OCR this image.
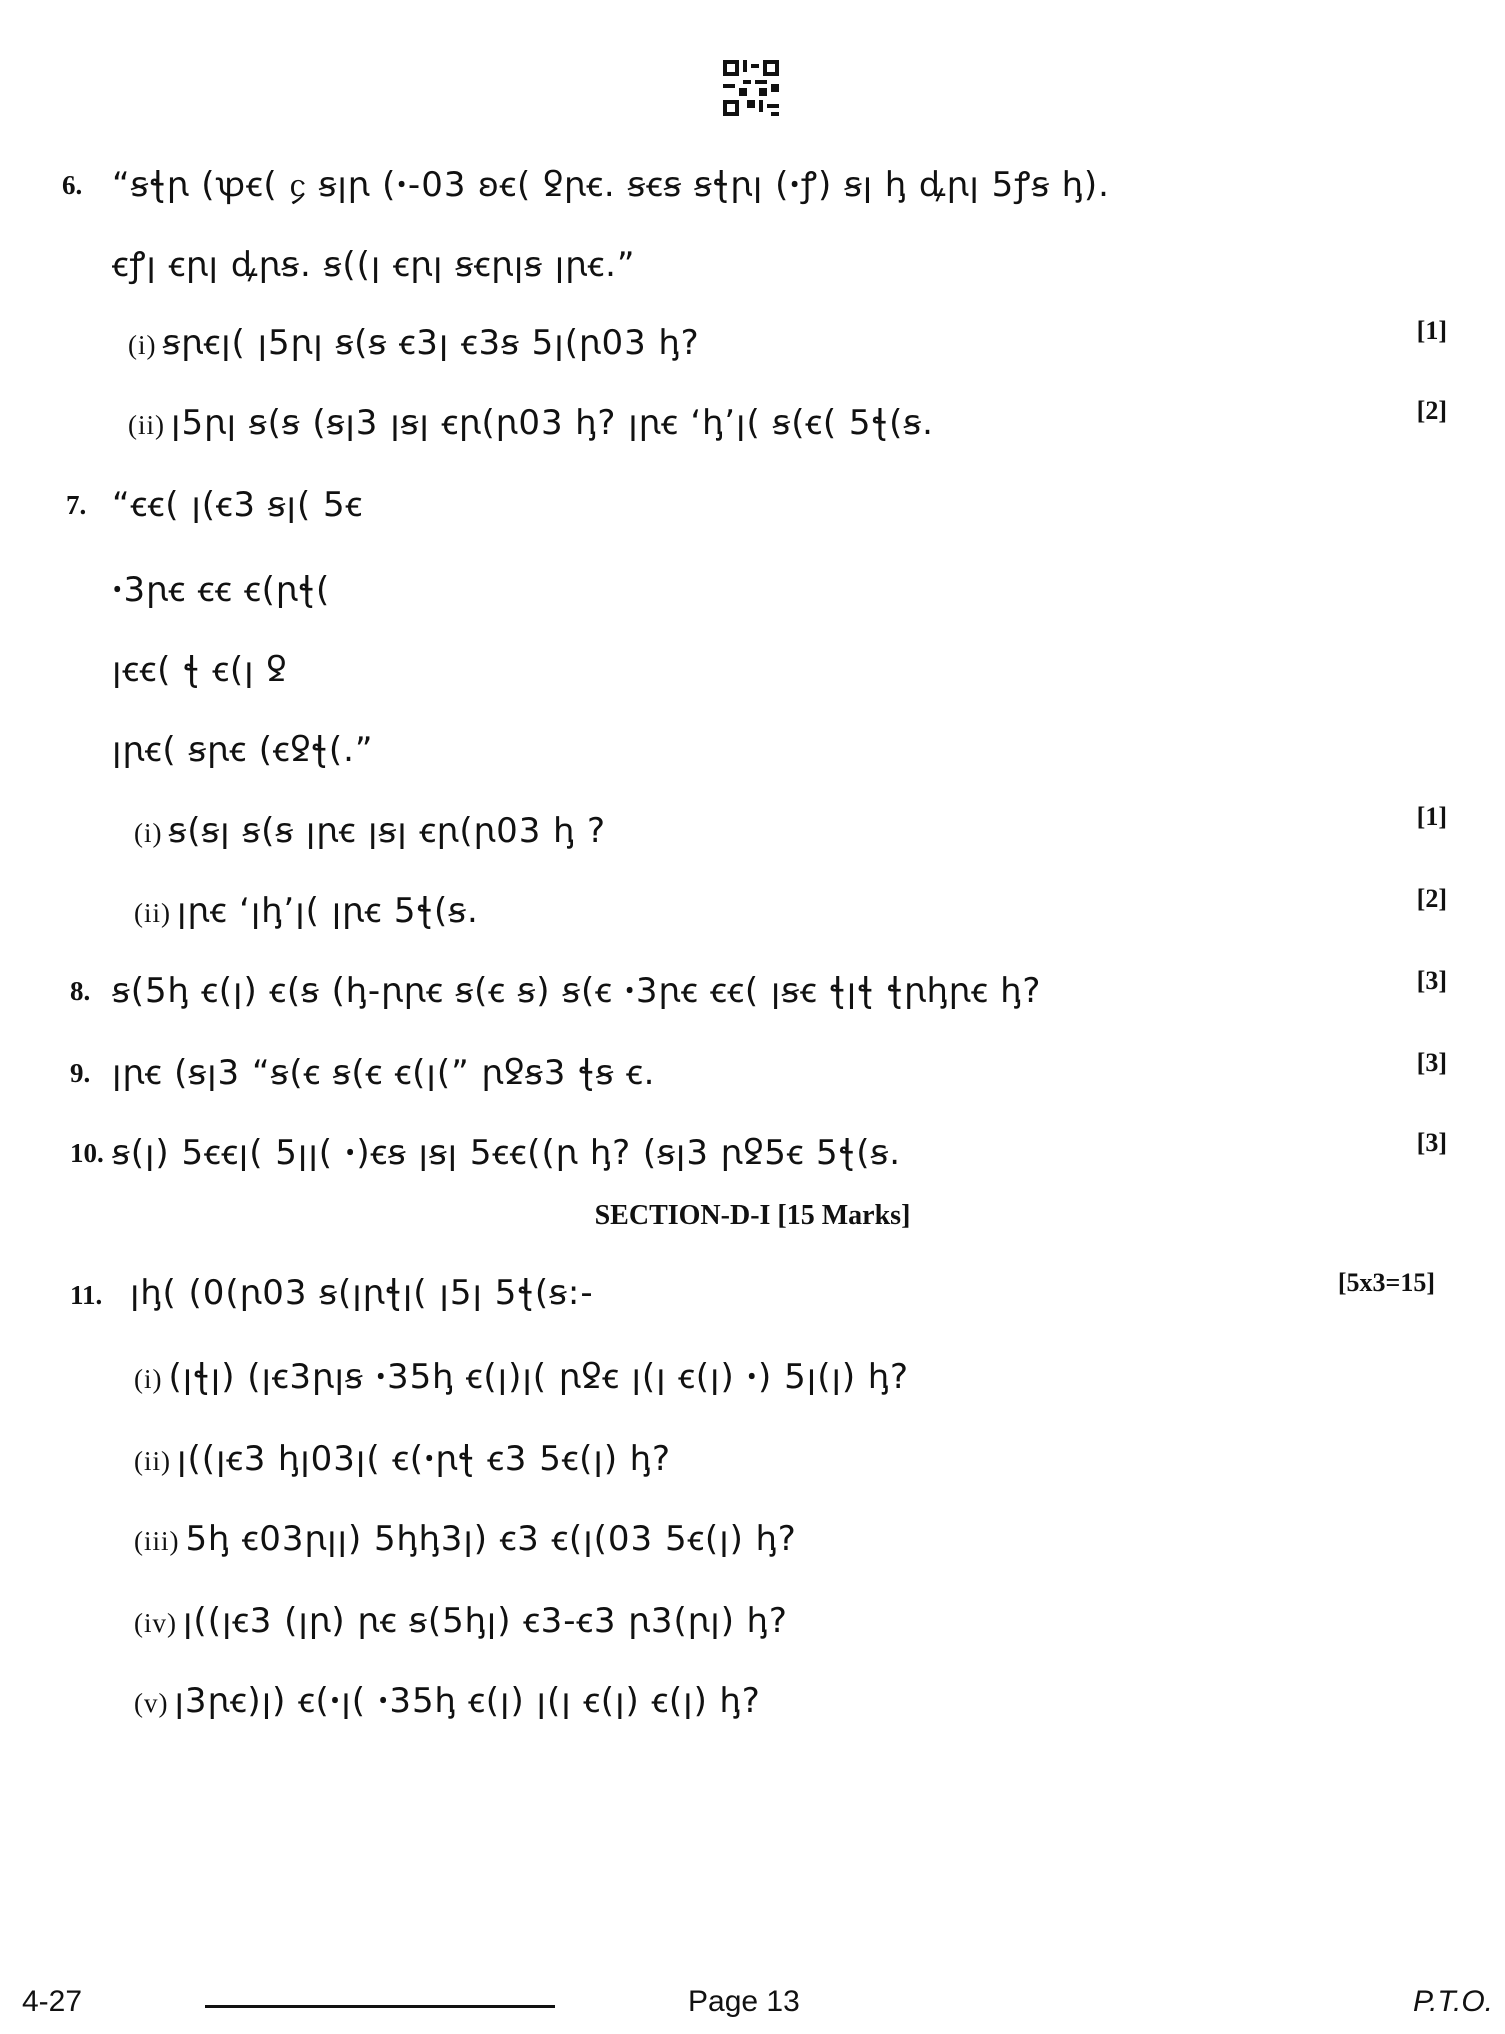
6. “ꞩꞎꞃ (ꝕꞓ( ᧔ ꞩꞁꞃ (ꞏ-03 ꞝꞓ( ꝿꞃꞓ. ꞩꞓꞩ ꞩꞎꞃꞁ (ꞏꝭ) ꞩꞁ ꞕ ꝱꞃꞁ 5ꝭꞩ ꞕ).
ꞓꝭꞁ ꞓꞃꞁ ꝱꞃꞩ. ꞩ((ꞁ ꞓꞃꞁ ꞩꞓꞃꞁꞩ ꞁꞃꞓ.”
(i) ꞩꞃꞓꞁ( ꞁ5ꞃꞁ ꞩ(ꞩ ꞓ3ꞁ ꞓ3ꞩ 5ꞁ(ꞃ03 ꞕ?	[1]
(ii) ꞁ5ꞃꞁ ꞩ(ꞩ (ꞩꞁ3 ꞁꞩꞁ ꞓꞃ(ꞃ03 ꞕ? ꞁꞃꞓ ‘ꞕ’ꞁ( ꞩ(ꞓ( 5ꞎ(ꞩ.	[2]
7. “ꞓꞓ( ꞁ(ꞓ3 ꞩꞁ( 5ꞓ
ꞏ3ꞃꞓ ꞓꞓ ꞓ(ꞃꞎ(
ꞁꞓꞓ( ꞎ ꞓ(ꞁ ꝿ
ꞁꞃꞓ( ꞩꞃꞓ (ꞓꝿꞎ(.”
(i) ꞩ(ꞩꞁ ꞩ(ꞩ ꞁꞃꞓ ꞁꞩꞁ ꞓꞃ(ꞃ03 ꞕ ?	[1]
(ii) ꞁꞃꞓ ‘ꞁꞕ’ꞁ( ꞁꞃꞓ 5ꞎ(ꞩ.	[2]
8. ꞩ(5ꞕ ꞓ(ꞁ) ꞓ(ꞩ (ꞕ-ꞃꞃꞓ ꞩ(ꞓ ꞩ) ꞩ(ꞓ ꞏ3ꞃꞓ ꞓꞓ( ꞁꞩꞓ ꞎꞁꞎ ꞎꞃꞕꞃꞓ ꞕ?	[3]
9. ꞁꞃꞓ (ꞩꞁ3 “ꞩ(ꞓ ꞩ(ꞓ ꞓ(ꞁ(” ꞃꝿꞩ3 ꞎꞩ ꞓ.	[3]
10. ꞩ(ꞁ) 5ꞓꞓꞁ( 5ꞁꞁ( ꞏ)ꞓꞩ ꞁꞩꞁ 5ꞓꞓ((ꞃ ꞕ? (ꞩꞁ3 ꞃꝿ5ꞓ 5ꞎ(ꞩ.	[3]
SECTION-D-I [15 Marks]
11. ꞁꞕ( (0(ꞃ03 ꞩ(ꞁꞃꞎꞁ( ꞁ5ꞁ 5ꞎ(ꞩ:-	[5x3=15]
(i) (ꞁꞎꞁ) (ꞁꞓ3ꞃꞁꞩ ꞏ35ꞕ ꞓ(ꞁ)ꞁ( ꞃꝿꞓ ꞁ(ꞁ ꞓ(ꞁ) ꞏ) 5ꞁ(ꞁ) ꞕ?
(ii) ꞁ((ꞁꞓ3 ꞕꞁ03ꞁ( ꞓ(ꞏꞃꞎ ꞓ3 5ꞓ(ꞁ) ꞕ?
(iii) 5ꞕ ꞓ03ꞃꞁꞁ) 5ꞕꞕ3ꞁ) ꞓ3 ꞓ(ꞁ(03 5ꞓ(ꞁ) ꞕ?
(iv) ꞁ((ꞁꞓ3 (ꞁꞃ) ꞃꞓ ꞩ(5ꞕꞁ) ꞓ3-ꞓ3 ꞃ3(ꞃꞁ) ꞕ?
(v) ꞁ3ꞃꞓ)ꞁ) ꞓ(ꞏꞁ( ꞏ35ꞕ ꞓ(ꞁ) ꞁ(ꞁ ꞓ(ꞁ) ꞓ(ꞁ) ꞕ?
4-27	Page 13	P.T.O.
